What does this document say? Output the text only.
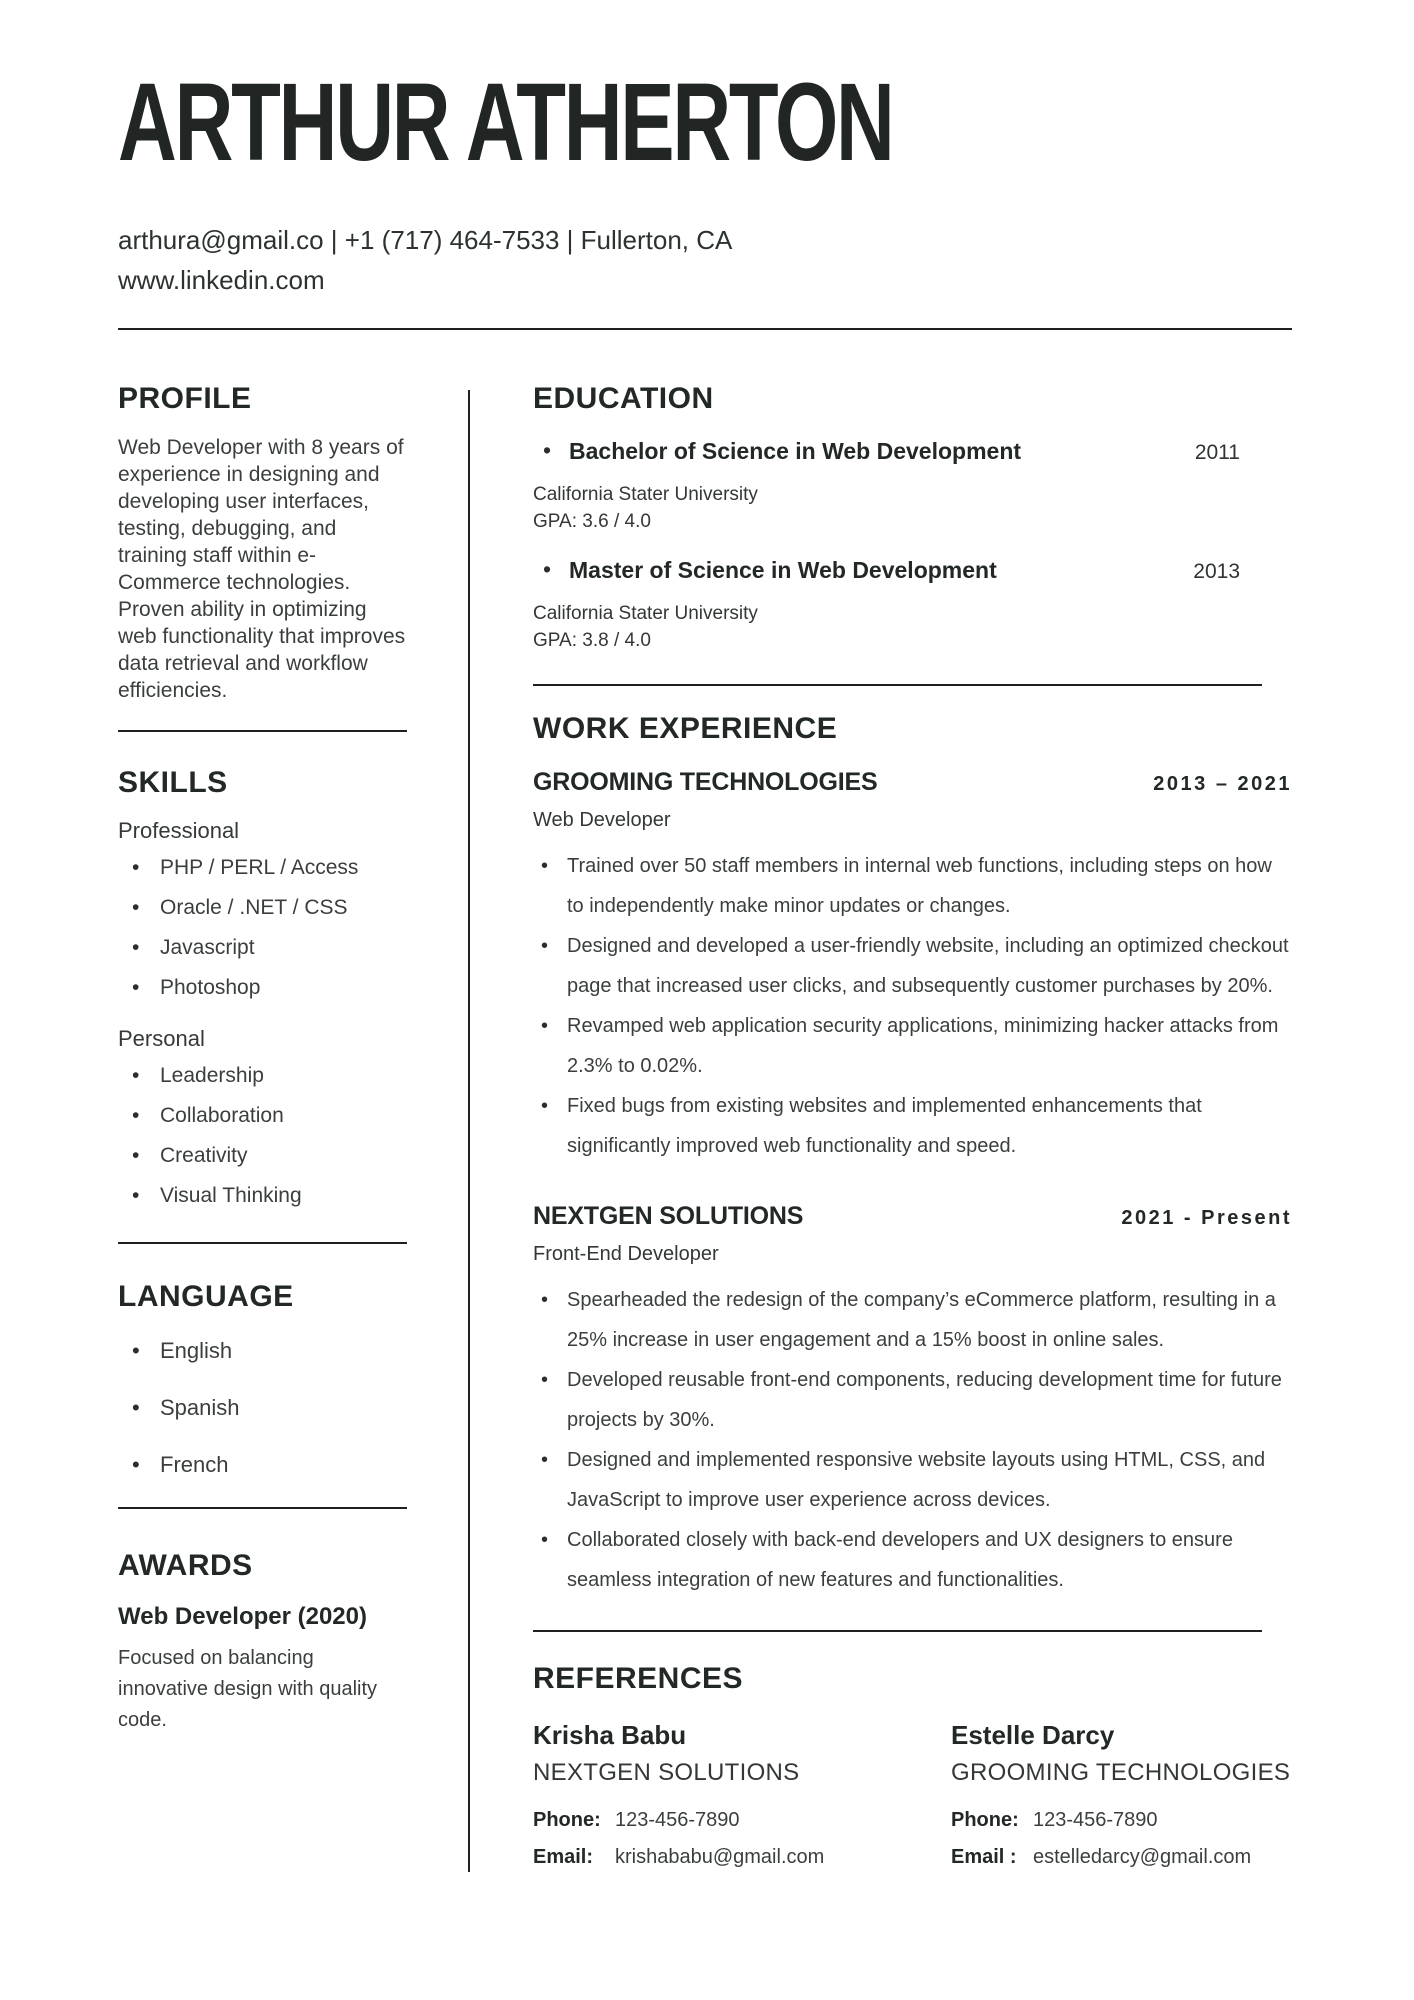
ARTHUR ATHERTON
arthura@gmail.co | +1 (717) 464-7533 | Fullerton, CA
www.linkedin.com
PROFILE

Web Developer with 8 years of experience in designing and developing user interfaces, testing, debugging, and training staff within e-Commerce technologies. Proven ability in optimizing web functionality that improves data retrieval and workflow efficiencies.

SKILLS

Professional

• PHP / PERL / Access
• Oracle / .NET / CSS
• Javascript
• Photoshop

Personal

• Leadership
• Collaboration
• Creativity
• Visual Thinking
LANGUAGE
• English
• Spanish
• French
AWARDS

Web Developer (2020)

Focused on balancing innovative design with quality code.

EDUCATION
• Bachelor of Science in Web Development	2011

California Stater University

GPA: 3.6 / 4.0

• Master of Science in Web Development	2013

California Stater University

GPA: 3.8 / 4.0

WORK EXPERIENCE
GROOMING TECHNOLOGIES	2013 – 2021

Web Developer

• Trained over 50 staff members in internal web functions, including steps on how to independently make minor updates or changes.
• Designed and developed a user-friendly website, including an optimized checkout page that increased user clicks, and subsequently customer purchases by 20%.
• Revamped web application security applications, minimizing hacker attacks from 2.3% to 0.02%.
• Fixed bugs from existing websites and implemented enhancements that significantly improved web functionality and speed.
NEXTGEN SOLUTIONS	2021 - Present

Front-End Developer

• Spearheaded the redesign of the company’s eCommerce platform, resulting in a 25% increase in user engagement and a 15% boost in online sales.
• Developed reusable front-end components, reducing development time for future projects by 30%.
• Designed and implemented responsive website layouts using HTML, CSS, and JavaScript to improve user experience across devices.
• Collaborated closely with back-end developers and UX designers to ensure seamless integration of new features and functionalities.
REFERENCES

Krisha Babu

NEXTGEN SOLUTIONS

Phone: 123-456-7890
Email:	krishababu@gmail.com

Estelle Darcy

GROOMING TECHNOLOGIES

Phone: 123-456-7890
Email : estelledarcy@gmail.com
